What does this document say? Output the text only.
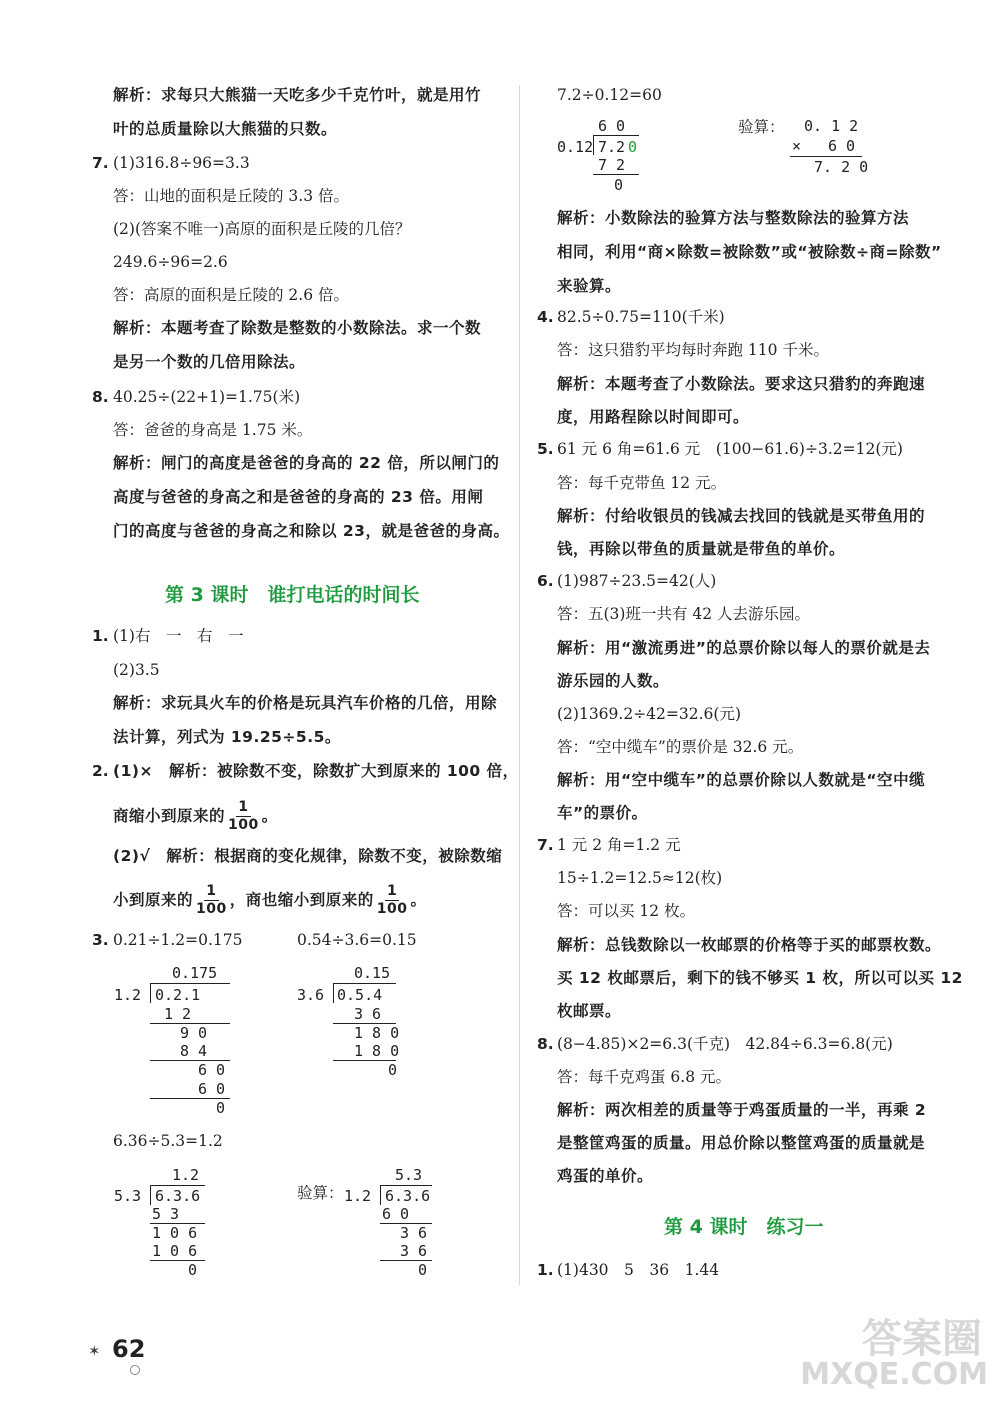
解析：求每只大熊猫一天吃多少千克竹叶，就是用竹
叶的总质量除以大熊猫的只数。
7. (1)316.8÷96=3.3
答：山地的面积是丘陵的 3.3 倍。
(2)(答案不唯一)高原的面积是丘陵的几倍？
249.6÷96=2.6
答：高原的面积是丘陵的 2.6 倍。
解析：本题考查了除数是整数的小数除法。求一个数
是另一个数的几倍用除法。
8. 40.25÷(22+1)=1.75(米)
答：爸爸的身高是 1.75 米。
解析：闸门的高度是爸爸的身高的 22 倍，所以闸门的
高度与爸爸的身高之和是爸爸的身高的 23 倍。用闸
门的高度与爸爸的身高之和除以 23，就是爸爸的身高。
第 3 课时　谁打电话的时间长
1. (1)右　一　右　一
(2)3.5
解析：求玩具火车的价格是玩具汽车价格的几倍，用除
法计算，列式为 19.25÷5.5。
2. (1)×　解析：被除数不变，除数扩大到原来的 100 倍，
商缩小到原来的 $\frac{1}{100}$ 。
(2)√　解析：根据商的变化规律，除数不变，被除数缩
小到原来的 $\frac{1}{100}$ ，商也缩小到原来的 $\frac{1}{100}$ 。
3. 0.21÷1.2=0.175	0.54÷3.6=0.15
0.175
1.2 0.2.1
1 2
9 0
8 4
6 0
6 0
0
0.15
3.6 0.5.4
3 6
1 8 0
1 8 0
0
6.36÷5.3=1.2
验算：
1.2
5.3 6.3.6
5 3
1 0 6
1 0 6
0
5.3
1.2 6.3.6
6 0
3 6
3 6
0
7.2÷0.12=60
6 0
0.12 7.2 0
7 2
0
验算： 0. 1 2
× 6 0
7. 2 0
解析：小数除法的验算方法与整数除法的验算方法
相同，利用“商×除数=被除数”或“被除数÷商=除数”
来验算。
4. 82.5÷0.75=110(千米)
答：这只猎豹平均每时奔跑 110 千米。
解析：本题考查了小数除法。要求这只猎豹的奔跑速
度，用路程除以时间即可。
5. 61 元 6 角=61.6 元　(100−61.6)÷3.2=12(元)
答：每千克带鱼 12 元。
解析：付给收银员的钱减去找回的钱就是买带鱼用的
钱，再除以带鱼的质量就是带鱼的单价。
6. (1)987÷23.5=42(人)
答：五(3)班一共有 42 人去游乐园。
解析：用“激流勇进”的总票价除以每人的票价就是去
游乐园的人数。
(2)1369.2÷42=32.6(元)
答：“空中缆车”的票价是 32.6 元。
解析：用“空中缆车”的总票价除以人数就是“空中缆
车”的票价。
7. 1 元 2 角=1.2 元
15÷1.2=12.5≈12(枚)
答：可以买 12 枚。
解析：总钱数除以一枚邮票的价格等于买的邮票枚数。
买 12 枚邮票后，剩下的钱不够买 1 枚，所以可以买 12
枚邮票。
8. (8−4.85)×2=6.3(千克)　42.84÷6.3=6.8(元)
答：每千克鸡蛋 6.8 元。
解析：两次相差的质量等于鸡蛋质量的一半，再乘 2
是整筐鸡蛋的质量。用总价除以整筐鸡蛋的质量就是
鸡蛋的单价。
第 4 课时　练习一
1. (1)430　5　36　1.44
✶ 62	答案圈
MXQE.COM
